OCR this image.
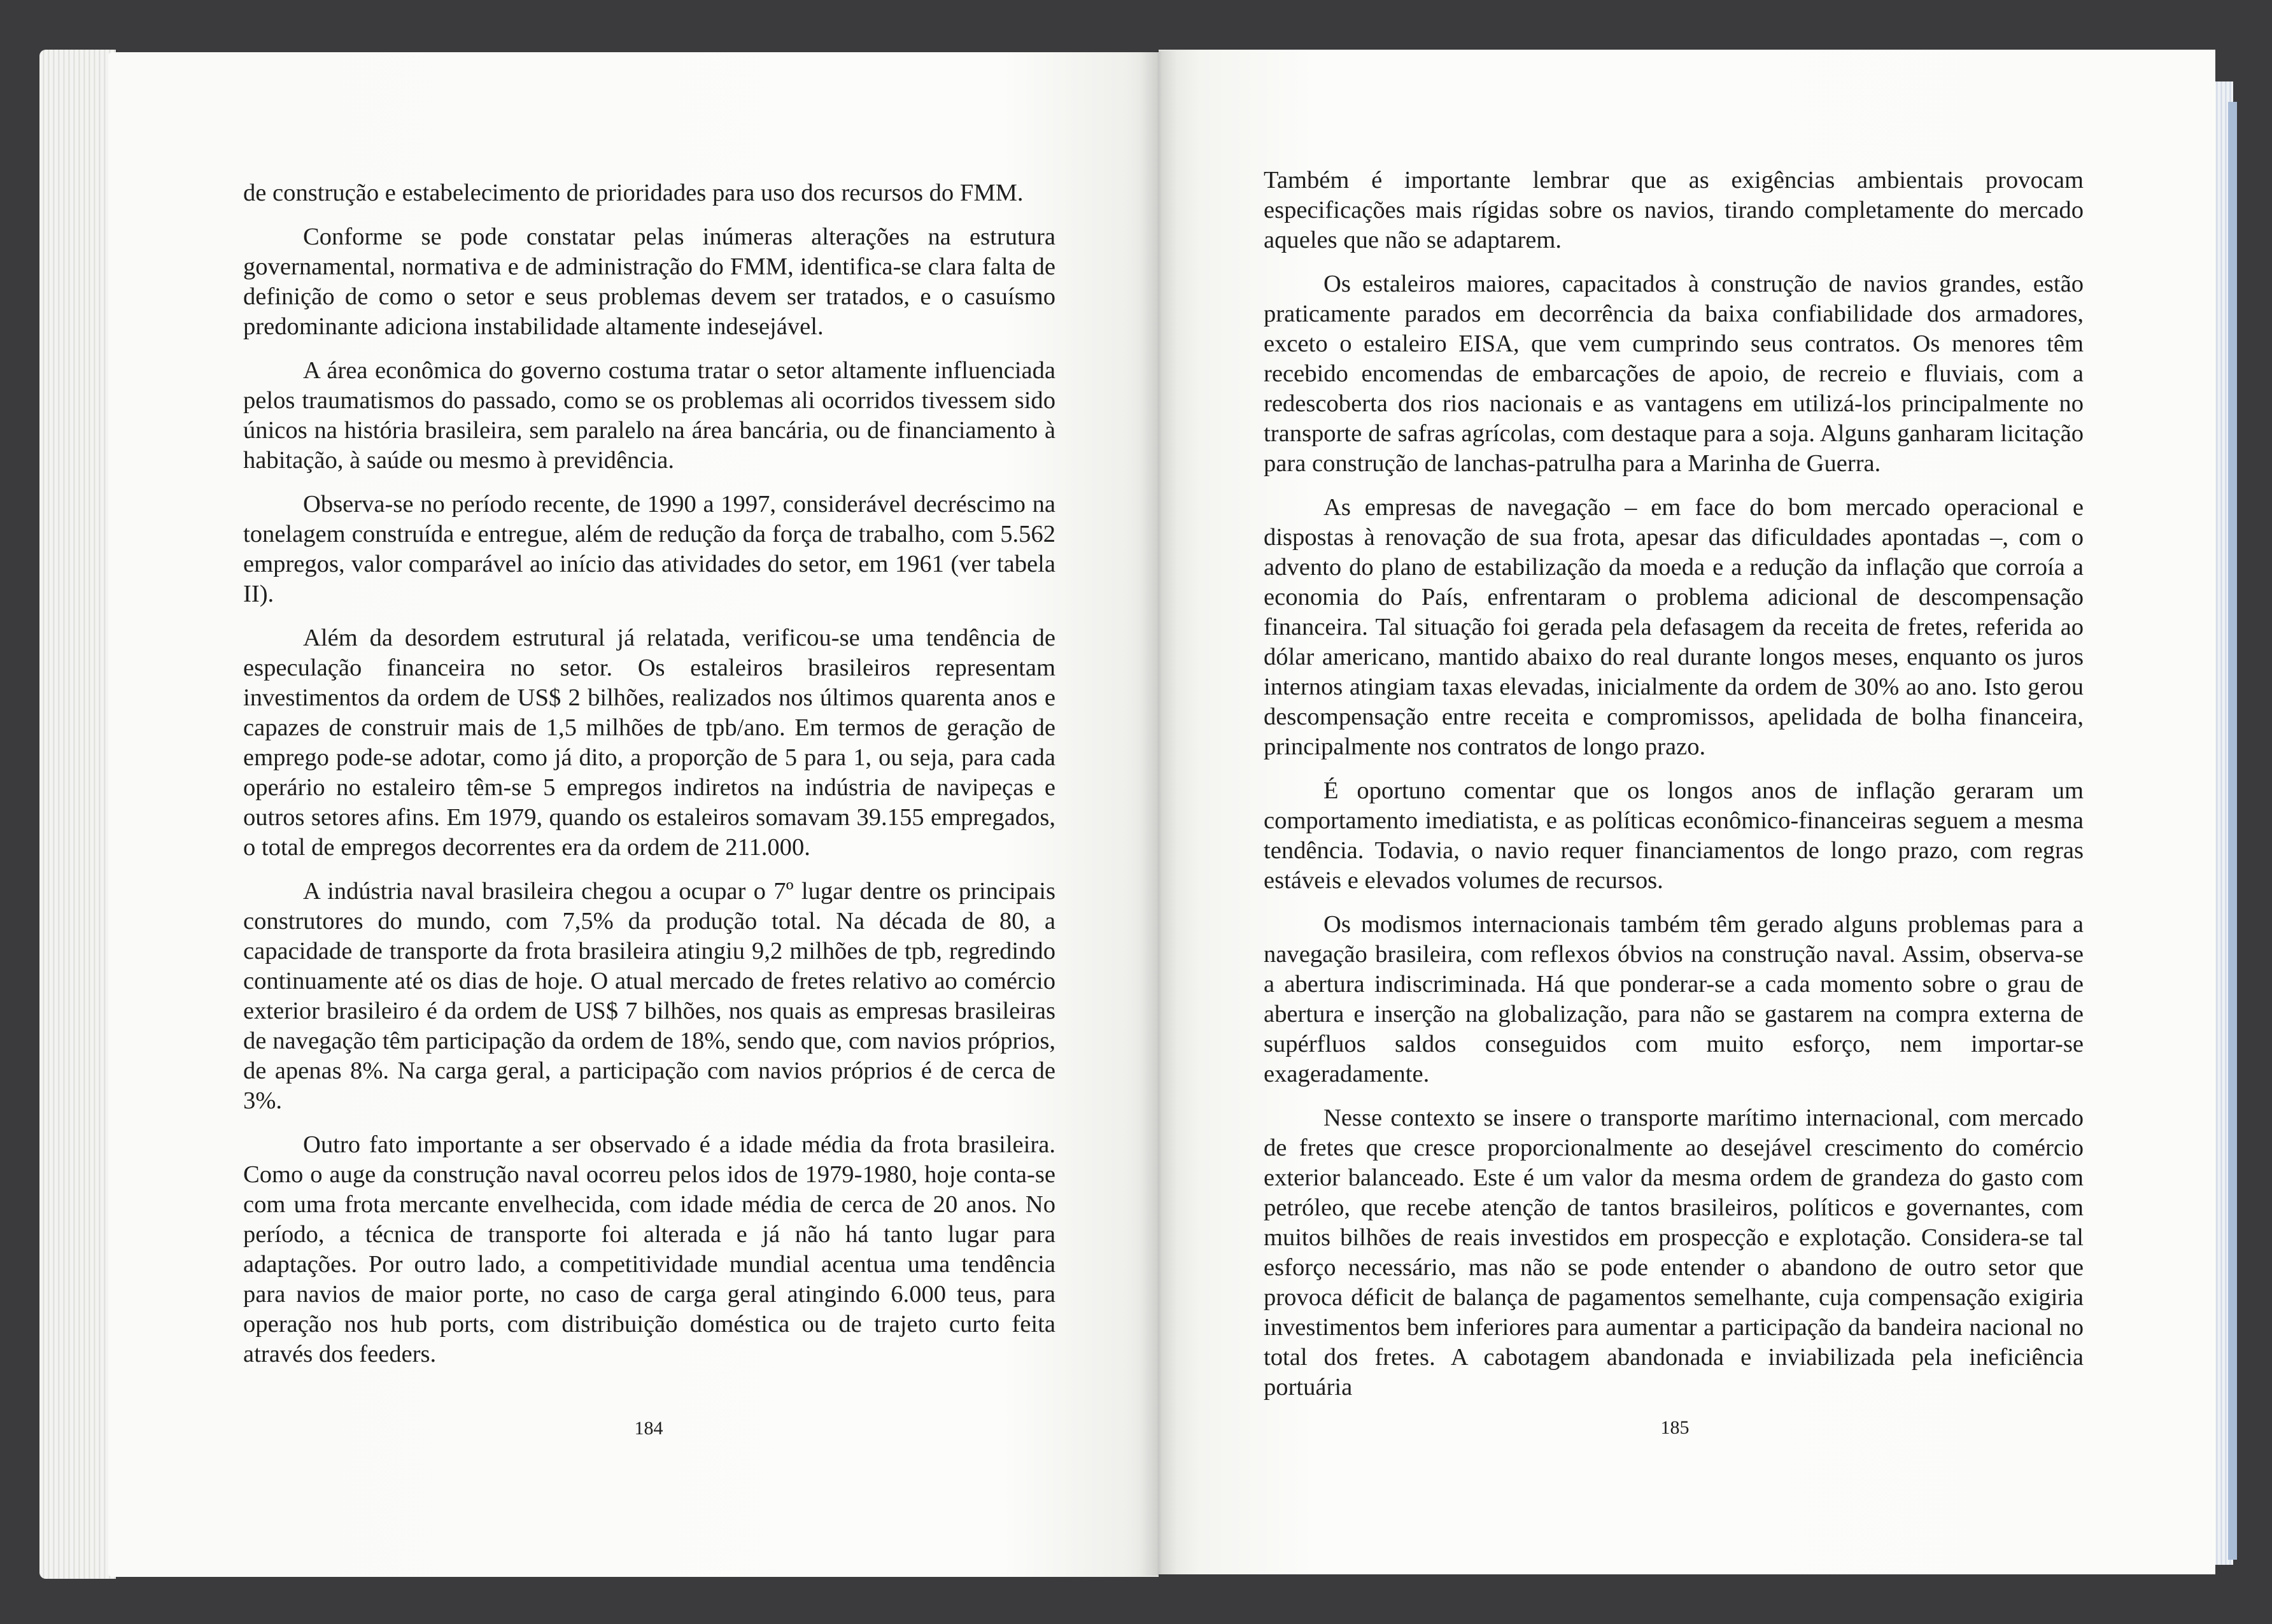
de construção e estabelecimento de prioridades para uso dos recursos do FMM.

Conforme se pode constatar pelas inúmeras alterações na estrutura governamental, normativa e de administração do FMM, identifica-se clara falta de definição de como o setor e seus problemas devem ser tratados, e o casuísmo predominante adiciona instabilidade altamente indesejável.

A área econômica do governo costuma tratar o setor altamente influenciada pelos traumatismos do passado, como se os problemas ali ocorridos tivessem sido únicos na história brasileira, sem paralelo na área bancária, ou de financiamento à habitação, à saúde ou mesmo à previdência.

Observa-se no período recente, de 1990 a 1997, considerável decréscimo na tonelagem construída e entregue, além de redução da força de trabalho, com 5.562 empregos, valor comparável ao início das atividades do setor, em 1961 (ver tabela II).

Além da desordem estrutural já relatada, verificou-se uma tendência de especulação financeira no setor. Os estaleiros brasileiros representam investimentos da ordem de US$ 2 bilhões, realizados nos últimos quarenta anos e capazes de construir mais de 1,5 milhões de tpb/ano. Em termos de geração de emprego pode-se adotar, como já dito, a proporção de 5 para 1, ou seja, para cada operário no estaleiro têm-se 5 empregos indiretos na indústria de navipeças e outros setores afins. Em 1979, quando os estaleiros somavam 39.155 empregados, o total de empregos decorrentes era da ordem de 211.000.

A indústria naval brasileira chegou a ocupar o 7º lugar dentre os principais construtores do mundo, com 7,5% da produção total. Na década de 80, a capacidade de transporte da frota brasileira atingiu 9,2 milhões de tpb, regredindo continuamente até os dias de hoje. O atual mercado de fretes relativo ao comércio exterior brasileiro é da ordem de US$ 7 bilhões, nos quais as empresas brasileiras de navegação têm participação da ordem de 18%, sendo que, com navios próprios, de apenas 8%. Na carga geral, a participação com navios próprios é de cerca de 3%.

Outro fato importante a ser observado é a idade média da frota brasileira. Como o auge da construção naval ocorreu pelos idos de 1979-1980, hoje conta-se com uma frota mercante envelhecida, com idade média de cerca de 20 anos. No período, a técnica de transporte foi alterada e já não há tanto lugar para adaptações. Por outro lado, a competitividade mundial acentua uma tendência para navios de maior porte, no caso de carga geral atingindo 6.000 teus, para operação nos hub ports, com distribuição doméstica ou de trajeto curto feita através dos feeders.

184

Também é importante lembrar que as exigências ambientais provocam especificações mais rígidas sobre os navios, tirando completamente do mercado aqueles que não se adaptarem.

Os estaleiros maiores, capacitados à construção de navios grandes, estão praticamente parados em decorrência da baixa confiabilidade dos armadores, exceto o estaleiro EISA, que vem cumprindo seus contratos. Os menores têm recebido encomendas de embarcações de apoio, de recreio e fluviais, com a redescoberta dos rios nacionais e as vantagens em utilizá-los principalmente no transporte de safras agrícolas, com destaque para a soja. Alguns ganharam licitação para construção de lanchas-patrulha para a Marinha de Guerra.

As empresas de navegação – em face do bom mercado operacional e dispostas à renovação de sua frota, apesar das dificuldades apontadas –, com o advento do plano de estabilização da moeda e a redução da inflação que corroía a economia do País, enfrentaram o problema adicional de descompensação financeira. Tal situação foi gerada pela defasagem da receita de fretes, referida ao dólar americano, mantido abaixo do real durante longos meses, enquanto os juros internos atingiam taxas elevadas, inicialmente da ordem de 30% ao ano. Isto gerou descompensação entre receita e compromissos, apelidada de bolha financeira, principalmente nos contratos de longo prazo.

É oportuno comentar que os longos anos de inflação geraram um comportamento imediatista, e as políticas econômico-financeiras seguem a mesma tendência. Todavia, o navio requer financiamentos de longo prazo, com regras estáveis e elevados volumes de recursos.

Os modismos internacionais também têm gerado alguns problemas para a navegação brasileira, com reflexos óbvios na construção naval. Assim, observa-se a abertura indiscriminada. Há que ponderar-se a cada momento sobre o grau de abertura e inserção na globalização, para não se gastarem na compra externa de supérfluos saldos conseguidos com muito esforço, nem importar-se exageradamente.

Nesse contexto se insere o transporte marítimo internacional, com mercado de fretes que cresce proporcionalmente ao desejável crescimento do comércio exterior balanceado. Este é um valor da mesma ordem de grandeza do gasto com petróleo, que recebe atenção de tantos brasileiros, políticos e governantes, com muitos bilhões de reais investidos em prospecção e explotação. Considera-se tal esforço necessário, mas não se pode entender o abandono de outro setor que provoca déficit de balança de pagamentos semelhante, cuja compensação exigiria investimentos bem inferiores para aumentar a participação da bandeira nacional no total dos fretes. A cabotagem abandonada e inviabilizada pela ineficiência portuária

185
